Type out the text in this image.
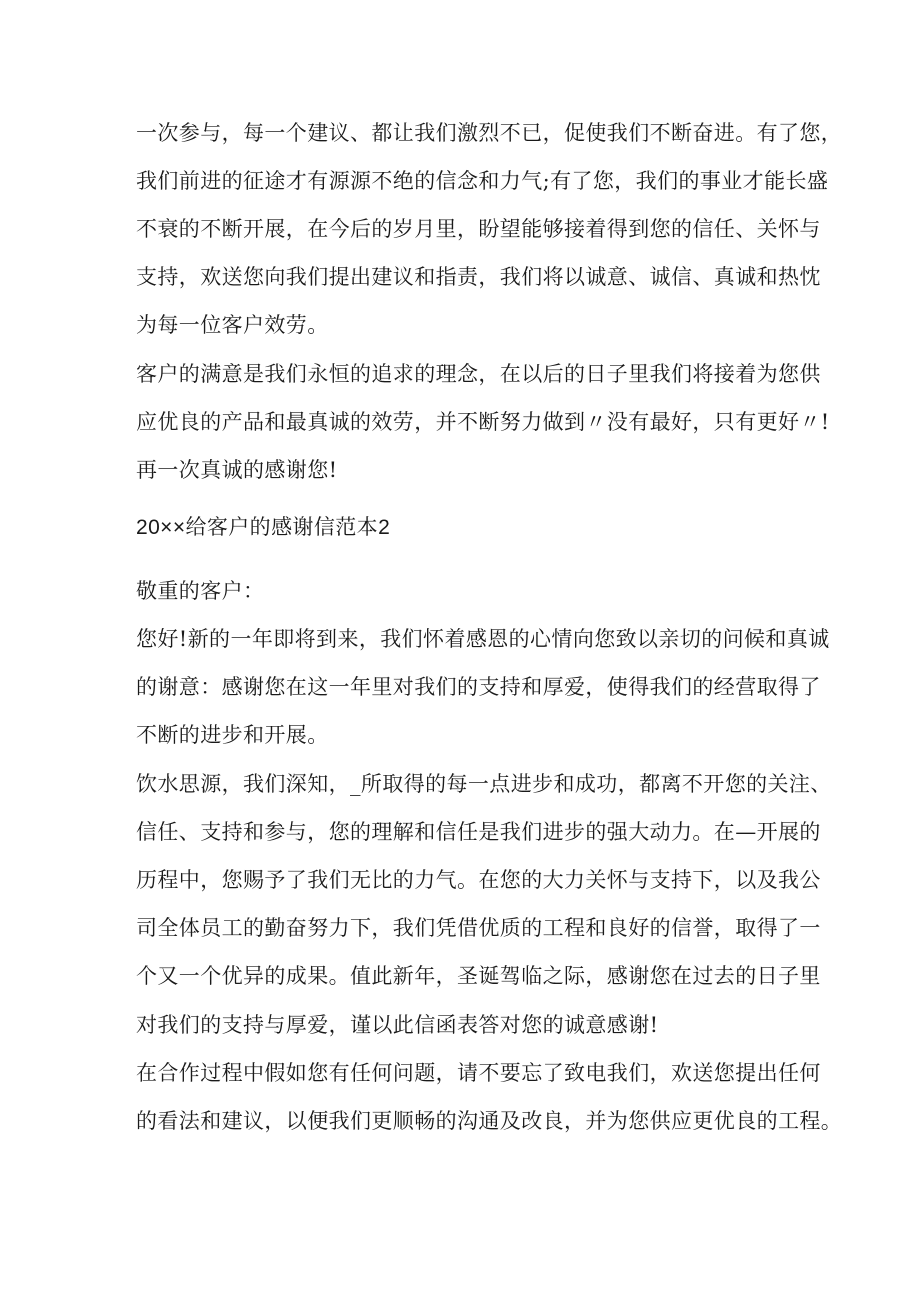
一次参与，每一个建议、都让我们激烈不已，促使我们不断奋进。有了您，
我们前进的征途才有源源不绝的信念和力气;有了您，我们的事业才能长盛
不衰的不断开展，在今后的岁月里，盼望能够接着得到您的信任、关怀与
支持，欢送您向我们提出建议和指责，我们将以诚意、诚信、真诚和热忱
为每一位客户效劳。
客户的满意是我们永恒的追求的理念，在以后的日子里我们将接着为您供
应优良的产品和最真诚的效劳，并不断努力做到〃没有最好，只有更好〃!
再一次真诚的感谢您!
20××给客户的感谢信范本2
敬重的客户：
您好!新的一年即将到来，我们怀着感恩的心情向您致以亲切的问候和真诚
的谢意：感谢您在这一年里对我们的支持和厚爱，使得我们的经营取得了
不断的进步和开展。
饮水思源，我们深知，_所取得的每一点进步和成功，都离不开您的关注、
信任、支持和参与，您的理解和信任是我们进步的强大动力。在—开展的
历程中，您赐予了我们无比的力气。在您的大力关怀与支持下，以及我公
司全体员工的勤奋努力下，我们凭借优质的工程和良好的信誉，取得了一
个又一个优异的成果。值此新年，圣诞驾临之际，感谢您在过去的日子里
对我们的支持与厚爱，谨以此信函表答对您的诚意感谢!
在合作过程中假如您有任何问题，请不要忘了致电我们，欢送您提出任何
的看法和建议，以便我们更顺畅的沟通及改良，并为您供应更优良的工程。
